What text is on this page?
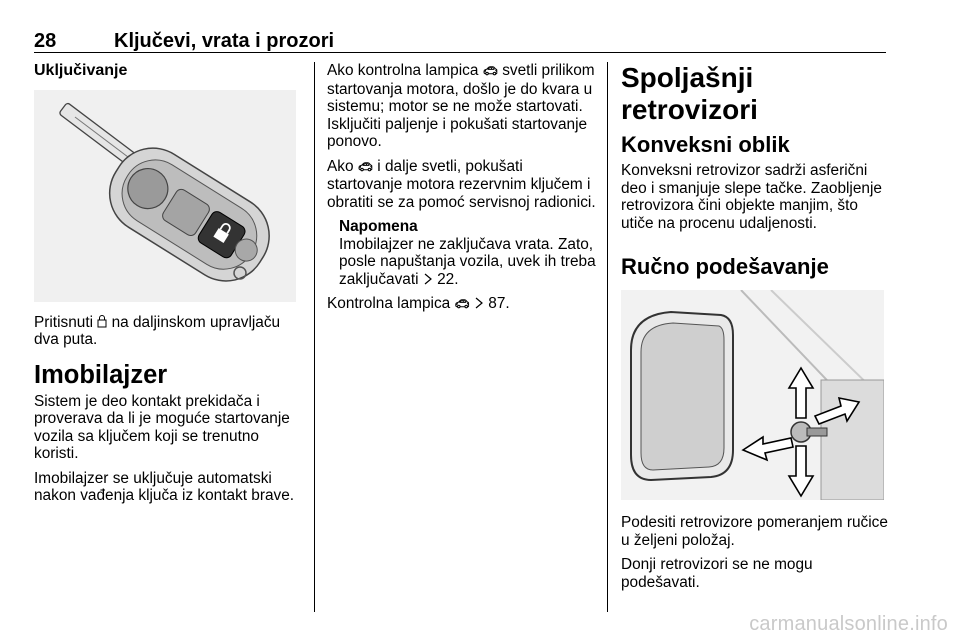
28	Ključevi, vrata i prozori
Uključivanje

Pritisnuti  na daljinskom upravljaču dva puta.

Imobilajzer

Sistem je deo kontakt prekidača i proverava da li je moguće startovanje vozila sa ključem koji se trenutno koristi.

Imobilajzer se uključuje automatski nakon vađenja ključa iz kontakt brave.

Ako kontrolna lampica 🚗︎ svetli prilikom startovanja motora, došlo je do kvara u sistemu; motor se ne može startovati. Isključiti paljenje i pokušati startovanje ponovo.

Ako 🚗︎ i dalje svetli, pokušati startovanje motora rezervnim ključem i obratiti se za pomoć servisnoj radionici.

Napomena
Imobilajzer ne zaključava vrata. Zato, posle napuštanja vozila, uvek ih treba zaključavati  22.

Kontrolna lampica 🚗︎ 87.

Spoljašnji retrovizori
Konveksni oblik

Konveksni retrovizor sadrži asferični deo i smanjuje slepe tačke. Zaobljenje retrovizora čini objekte manjim, što utiče na procenu udaljenosti.

Ručno podešavanje

Podesiti retrovizore pomeranjem ručice u željeni položaj.

Donji retrovizori se ne mogu podešavati.

carmanualsonline.info
